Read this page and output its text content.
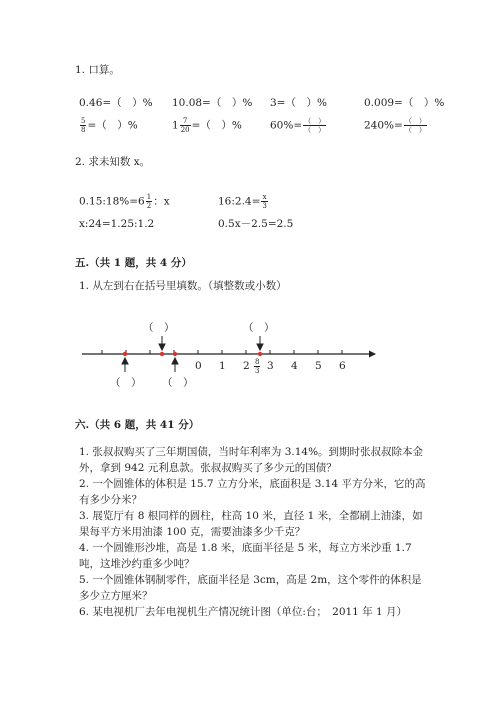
1. 口算。
0.46=（　）% 10.08=（　）% 3=（　）%	0.009=（　）%
$\frac{5}{8}$ =（　）%	$1 \frac{7}{20}$ =（　）%	$60\%= \frac{( )}{( )}$	$240\%= \frac{( )}{( )}$
2. 求未知数 x。
0.15:18%=6 $\frac{1}{2}$ ：x	16:2.4= $\frac{x}{3}$
x:24=1.25:1.2	0.5x－2.5=2.5
五.（共 1 题，共 4 分）
1. 从左到右在括号里填数。（填整数或小数）
（　）	（　）
（　） （　）
0 1 2 3 4 5 6
$\frac{8}{3}$
六.（共 6 题，共 41 分）
1. 张叔叔购买了三年期国债，当时年利率为 3.14%。到期时张叔叔除本金外，拿到 942 元利息款。张叔叔购买了多少元的国债？
2. 一个圆锥体的体积是 15.7 立方分米，底面积是 3.14 平方分米，它的高有多少分米？
3. 展览厅有 8 根同样的圆柱，柱高 10 米，直径 1 米，全都刷上油漆，如果每平方米用油漆 100 克，需要油漆多少千克？
4. 一个圆锥形沙堆，高是 1.8 米，底面半径是 5 米，每立方米沙重 1.7 吨，这堆沙约重多少吨？
5. 一个圆锥体钢制零件，底面半径是 3cm，高是 2m，这个零件的体积是多少立方厘米？
6. 某电视机厂去年电视机生产情况统计图（单位:台；　2011 年 1 月）
